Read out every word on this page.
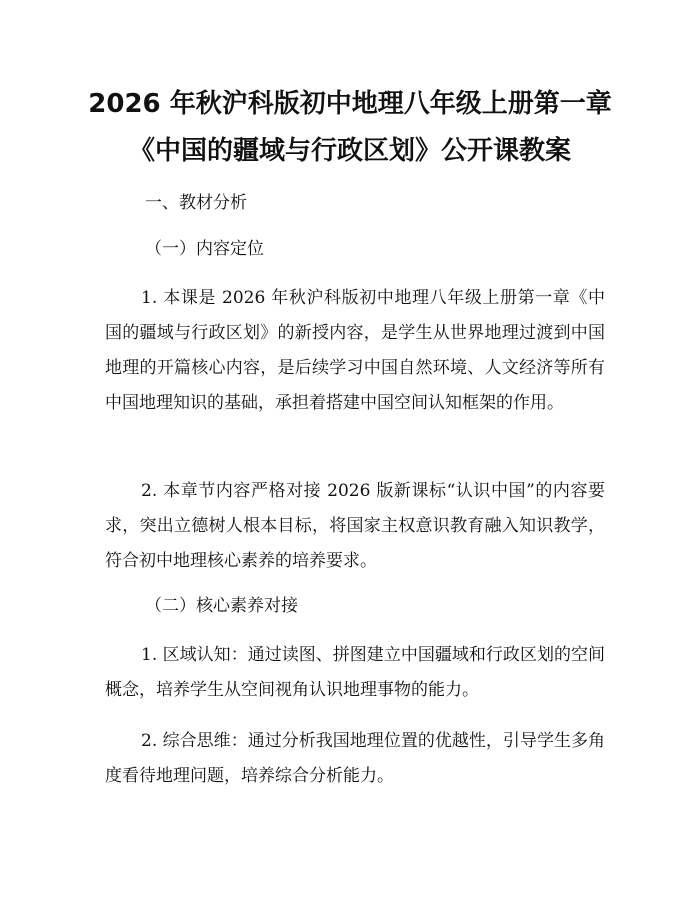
2026 年秋沪科版初中地理八年级上册第一章
《中国的疆域与行政区划》公开课教案
一、教材分析
（一）内容定位

1. 本课是 2026 年秋沪科版初中地理八年级上册第一章《中国的疆域与行政区划》的新授内容，是学生从世界地理过渡到中国地理的开篇核心内容，是后续学习中国自然环境、人文经济等所有中国地理知识的基础，承担着搭建中国空间认知框架的作用。

2. 本章节内容严格对接 2026 版新课标“认识中国”的内容要求，突出立德树人根本目标，将国家主权意识教育融入知识教学，符合初中地理核心素养的培养要求。

（二）核心素养对接

1. 区域认知：通过读图、拼图建立中国疆域和行政区划的空间概念，培养学生从空间视角认识地理事物的能力。

2. 综合思维：通过分析我国地理位置的优越性，引导学生多角度看待地理问题，培养综合分析能力。
